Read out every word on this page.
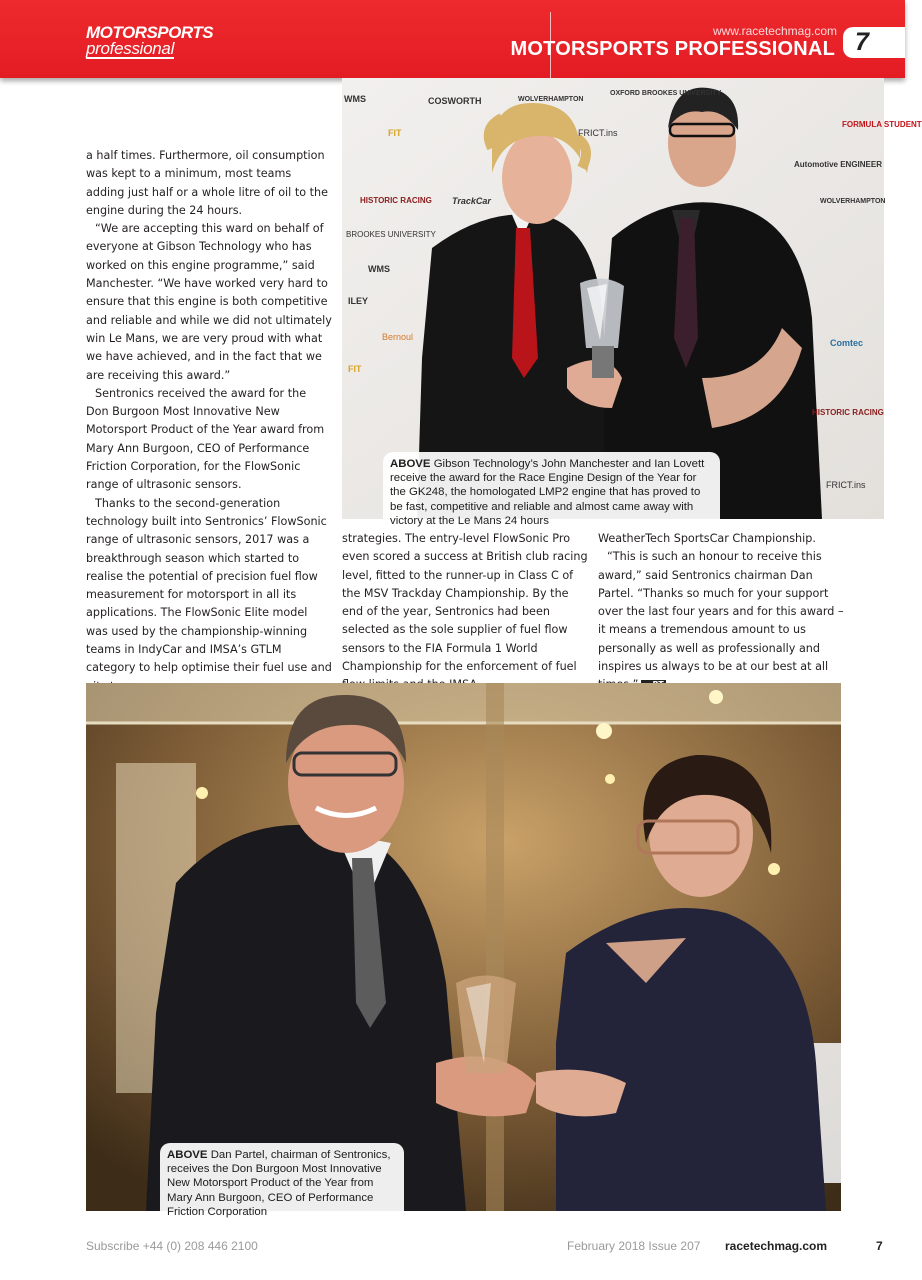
MOTORSPORTS
professional
www.racetechmag.com
MOTORSPORTS PROFESSIONAL 7
WMS	COSWORTH	WOLVERHAMPTON
OXFORD BROOKES UNIVERSITY
FIT	FRICT.ins
FORMULA STUDENT
Automotive ENGINEER
HISTORIC RACING TrackCar	WOLVERHAMPTON
BROOKES UNIVERSITY
WMS
ILEY
Bernoul
Comtec
FIT
HISTORIC RACING
FRICT.ins
ABOVE Gibson Technology’s John Manchester and Ian Lovett receive the award for the Race Engine Design of the Year for the GK248, the homologated LMP2 engine that has proved to be fast, competitive and reliable and almost came away with victory at the Le Mans 24 hours

a half times. Furthermore, oil consumption was kept to a minimum, most teams adding just half or a whole litre of oil to the engine during the 24 hours.

“We are accepting this ward on behalf of everyone at Gibson Technology who has worked on this engine programme,” said Manchester. “We have worked very hard to ensure that this engine is both competitive and reliable and while we did not ultimately win Le Mans, we are very proud with what we have achieved, and in the fact that we are receiving this award.”

Sentronics received the award for the Don Burgoon Most Innovative New Motorsport Product of the Year award from Mary Ann Burgoon, CEO of Performance Friction Corporation, for the FlowSonic range of ultrasonic sensors.

Thanks to the second-generation technology built into Sentronics’ FlowSonic range of ultrasonic sensors, 2017 was a breakthrough season which started to realise the potential of precision fuel flow measurement for motorsport in all its applications. The FlowSonic Elite model was used by the championship-winning teams in IndyCar and IMSA’s GTLM category to help optimise their fuel use and

strategies. The entry-level FlowSonic Pro even scored a success at British club racing level, fitted to the runner-up in Class C of the MSV Trackday Championship. By the end of the year, Sentronics had been selected as the sole supplier of fuel flow sensors to the FIA Formula 1 World Championship for the enforcement of fuel

WeatherTech SportsCar Championship.

“This is such an honour to receive this award,” said Sentronics chairman Dan Partel. “Thanks so much for your support over the last four years and for this award – it means a tremendous amount to us personally as well as professionally and inspires us always to be at our best at all

ABOVE Dan Partel, chairman of Sentronics, receives the Don Burgoon Most Innovative New Motorsport Product of the Year from Mary Ann Burgoon, CEO of Performance Friction Corporation
Subscribe +44 (0) 208 446 2100	February 2018 Issue 207 racetechmag.com	7
